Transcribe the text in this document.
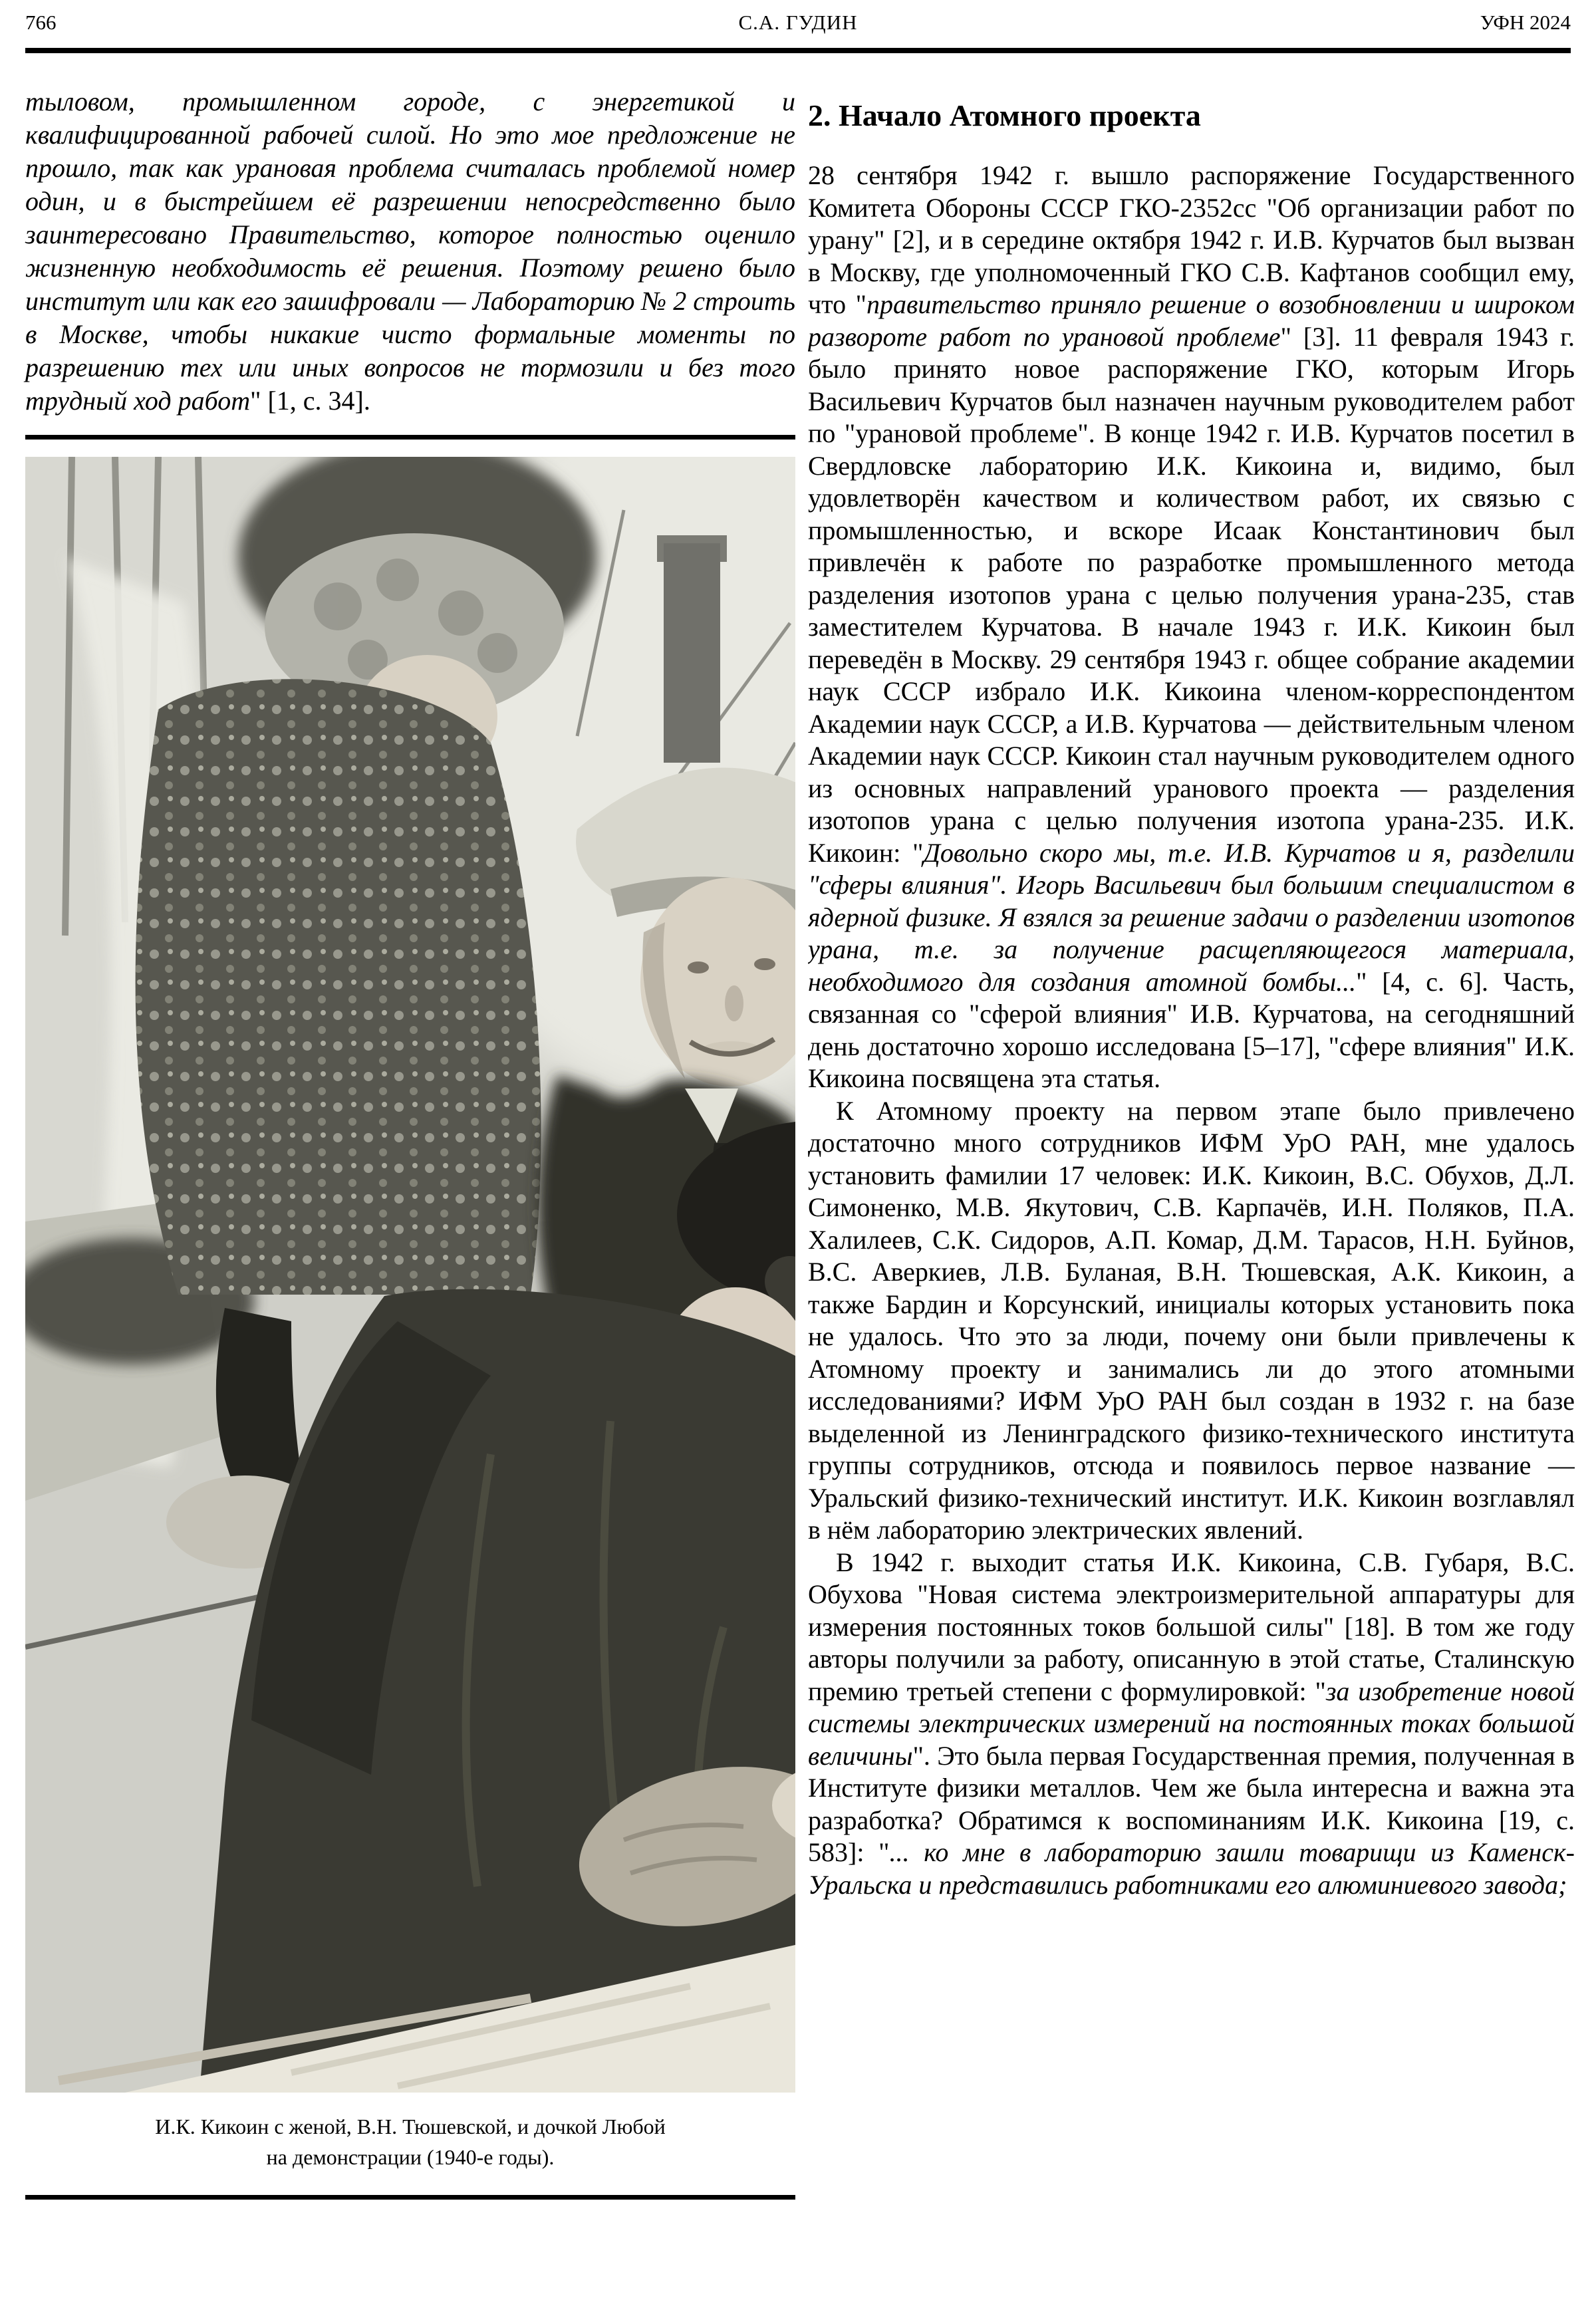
766	С.А. ГУДИН	УФН 2024

тыловом, промышленном городе, с энергетикой и квалифицированной рабочей силой. Но это мое предложение не прошло, так как урановая проблема считалась проблемой номер один, и в быстрейшем её разрешении непосредственно было заинтересовано Правительство, которое полностью оценило жизненную необходимость её решения. Поэтому решено было институт или как его зашифровали — Лабораторию № 2 строить в Москве, чтобы никакие чисто формальные моменты по разрешению тех или иных вопросов не тормозили и без того трудный ход работ" [1, с. 34].

И.К. Кикоин с женой, В.Н. Тюшевской, и дочкой Любой
на демонстрации (1940-е годы).
2. Начало Атомного проекта

28 сентября 1942 г. вышло распоряжение Государственного Комитета Обороны СССР ГКО-2352сс "Об организации работ по урану" [2], и в середине октября 1942 г. И.В. Курчатов был вызван в Москву, где уполномоченный ГКО С.В. Кафтанов сообщил ему, что "правительство приняло решение о возобновлении и широком развороте работ по урановой проблеме" [3]. 11 февраля 1943 г. было принято новое распоряжение ГКО, которым Игорь Васильевич Курчатов был назначен научным руководителем работ по "урановой проблеме". В конце 1942 г. И.В. Курчатов посетил в Свердловске лабораторию И.К. Кикоина и, видимо, был удовлетворён качеством и количеством работ, их связью с промышленностью, и вскоре Исаак Константинович был привлечён к работе по разработке промышленного метода разделения изотопов урана с целью получения урана-235, став заместителем Курчатова. В начале 1943 г. И.К. Кикоин был переведён в Москву. 29 сентября 1943 г. общее собрание академии наук СССР избрало И.К. Кикоина членом-корреспондентом Академии наук СССР, а И.В. Курчатова — действительным членом Академии наук СССР. Кикоин стал научным руководителем одного из основных направлений уранового проекта — разделения изотопов урана с целью получения изотопа урана-235. И.К. Кикоин: "Довольно скоро мы, т.е. И.В. Курчатов и я, разделили "сферы влияния". Игорь Васильевич был большим специалистом в ядерной физике. Я взялся за решение задачи о разделении изотопов урана, т.е. за получение расщепляющегося материала, необходимого для создания атомной бомбы..." [4, с. 6]. Часть, связанная со "сферой влияния" И.В. Курчатова, на сегодняшний день достаточно хорошо исследована [5–17], "сфере влияния" И.К. Кикоина посвящена эта статья.

К Атомному проекту на первом этапе было привлечено достаточно много сотрудников ИФМ УрО РАН, мне удалось установить фамилии 17 человек: И.К. Кикоин, В.С. Обухов, Д.Л. Симоненко, М.В. Якутович, С.В. Карпачёв, И.Н. Поляков, П.А. Халилеев, С.К. Сидоров, А.П. Комар, Д.М. Тарасов, Н.Н. Буйнов, В.С. Аверкиев, Л.В. Буланая, В.Н. Тюшевская, А.К. Кикоин, а также Бардин и Корсунский, инициалы которых установить пока не удалось. Что это за люди, почему они были привлечены к Атомному проекту и занимались ли до этого атомными исследованиями? ИФМ УрО РАН был создан в 1932 г. на базе выделенной из Ленинградского физико-технического института группы сотрудников, отсюда и появилось первое название — Уральский физико-технический институт. И.К. Кикоин возглавлял в нём лабораторию электрических явлений.

В 1942 г. выходит статья И.К. Кикоина, С.В. Губаря, В.С. Обухова "Новая система электроизмерительной аппаратуры для измерения постоянных токов большой силы" [18]. В том же году авторы получили за работу, описанную в этой статье, Сталинскую премию третьей степени с формулировкой: "за изобретение новой системы электрических измерений на постоянных токах большой величины". Это была первая Государственная премия, полученная в Институте физики металлов. Чем же была интересна и важна эта разработка? Обратимся к воспоминаниям И.К. Кикоина [19, с. 583]: "... ко мне в лабораторию зашли товарищи из Каменск-Уральска и представились работниками его алюминиевого завода;
